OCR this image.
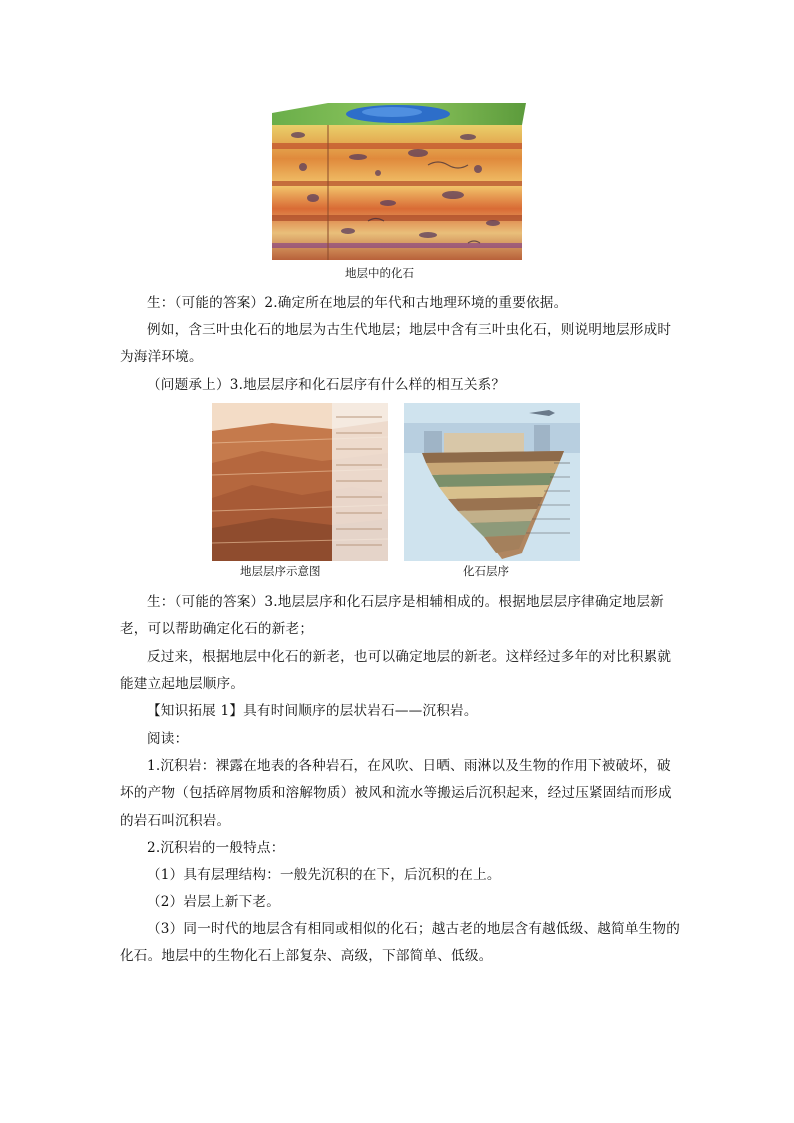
地层中的化石

生：（可能的答案）2.确定所在地层的年代和古地理环境的重要依据。

例如，含三叶虫化石的地层为古生代地层；地层中含有三叶虫化石，则说明地层形成时为海洋环境。

（问题承上）3.地层层序和化石层序有什么样的相互关系？

地层层序示意图	化石层序

生：（可能的答案）3.地层层序和化石层序是相辅相成的。根据地层层序律确定地层新老，可以帮助确定化石的新老；

反过来，根据地层中化石的新老，也可以确定地层的新老。这样经过多年的对比积累就能建立起地层顺序。

【知识拓展 1】具有时间顺序的层状岩石——沉积岩。

阅读：

1.沉积岩：裸露在地表的各种岩石，在风吹、日晒、雨淋以及生物的作用下被破坏，破坏的产物（包括碎屑物质和溶解物质）被风和流水等搬运后沉积起来，经过压紧固结而形成的岩石叫沉积岩。

2.沉积岩的一般特点：

（1）具有层理结构：一般先沉积的在下，后沉积的在上。

（2）岩层上新下老。

（3）同一时代的地层含有相同或相似的化石；越古老的地层含有越低级、越简单生物的化石。地层中的生物化石上部复杂、高级，下部简单、低级。
